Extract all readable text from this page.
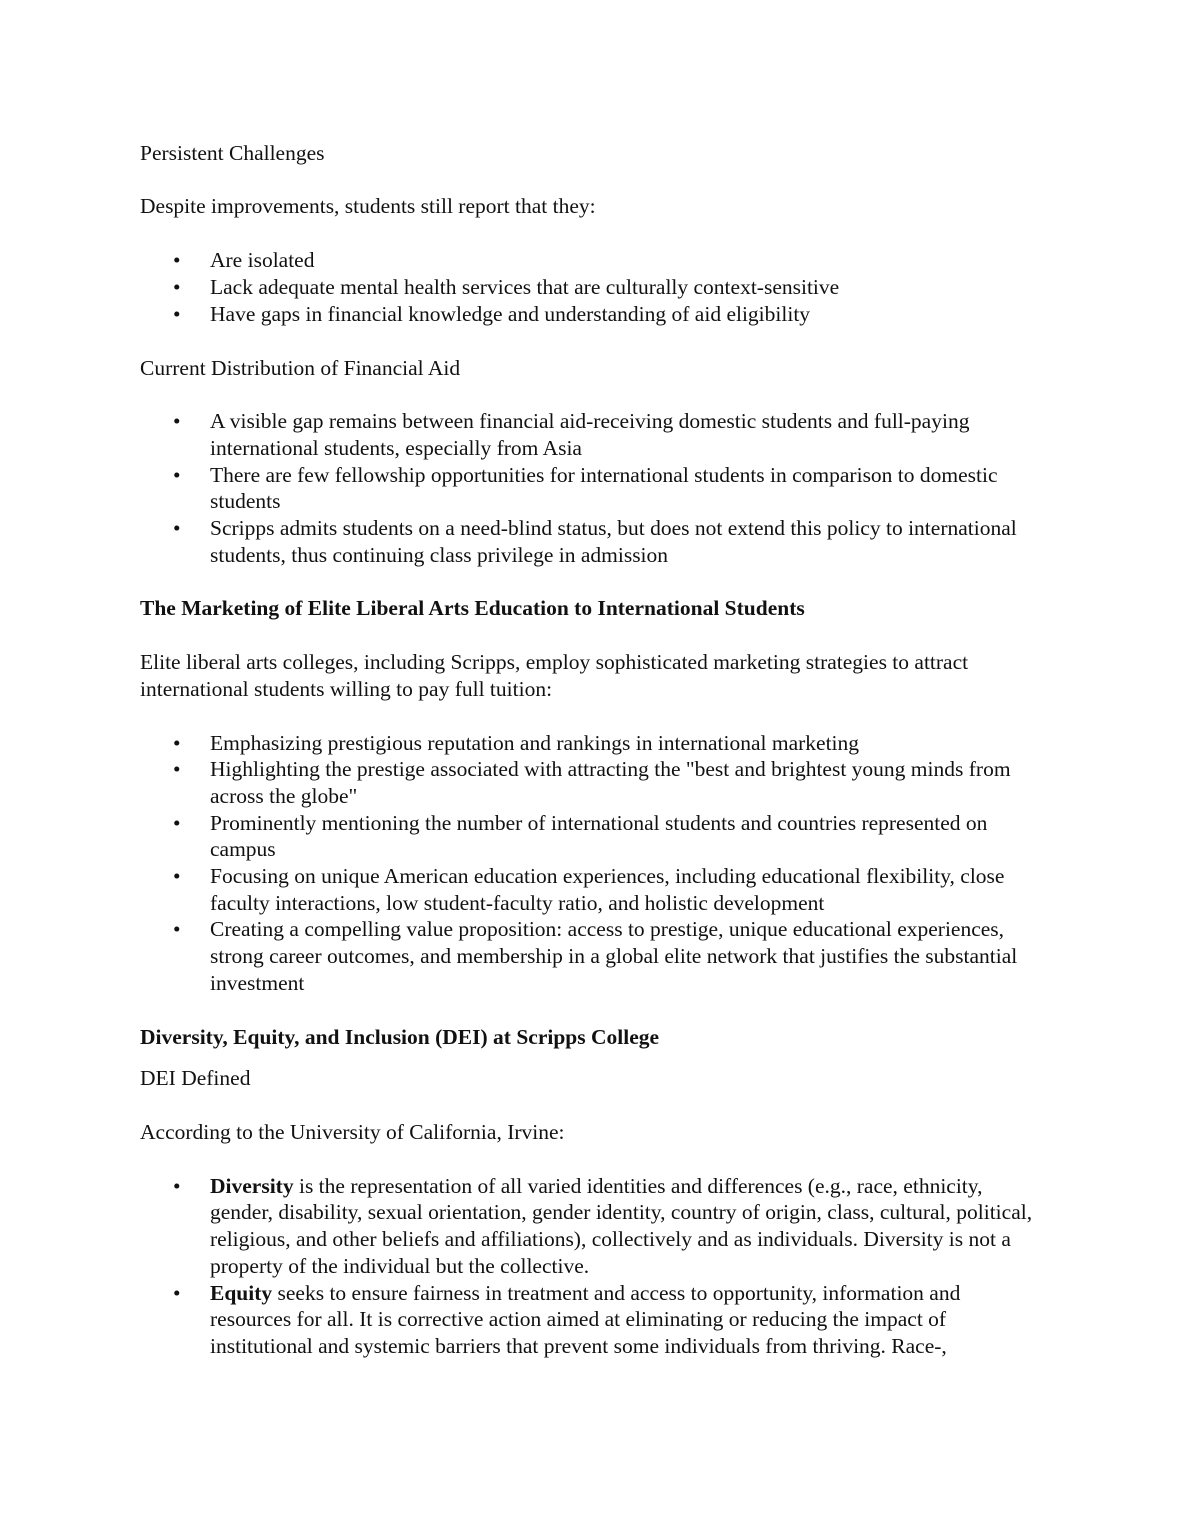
Persistent Challenges

Despite improvements, students still report that they:

• Are isolated
• Lack adequate mental health services that are culturally context-sensitive
• Have gaps in financial knowledge and understanding of aid eligibility

Current Distribution of Financial Aid

• A visible gap remains between financial aid-receiving domestic students and full-paying international students, especially from Asia
• There are few fellowship opportunities for international students in comparison to domestic students
• Scripps admits students on a need-blind status, but does not extend this policy to international students, thus continuing class privilege in admission

The Marketing of Elite Liberal Arts Education to International Students

Elite liberal arts colleges, including Scripps, employ sophisticated marketing strategies to attract international students willing to pay full tuition:

• Emphasizing prestigious reputation and rankings in international marketing
• Highlighting the prestige associated with attracting the "best and brightest young minds from across the globe"
• Prominently mentioning the number of international students and countries represented on campus
• Focusing on unique American education experiences, including educational flexibility, close faculty interactions, low student-faculty ratio, and holistic development
• Creating a compelling value proposition: access to prestige, unique educational experiences, strong career outcomes, and membership in a global elite network that justifies the substantial investment

Diversity, Equity, and Inclusion (DEI) at Scripps College

DEI Defined

According to the University of California, Irvine:

• Diversity is the representation of all varied identities and differences (e.g., race, ethnicity, gender, disability, sexual orientation, gender identity, country of origin, class, cultural, political, religious, and other beliefs and affiliations), collectively and as individuals. Diversity is not a property of the individual but the collective.
• Equity seeks to ensure fairness in treatment and access to opportunity, information and resources for all. It is corrective action aimed at eliminating or reducing the impact of institutional and systemic barriers that prevent some individuals from thriving. Race-,
